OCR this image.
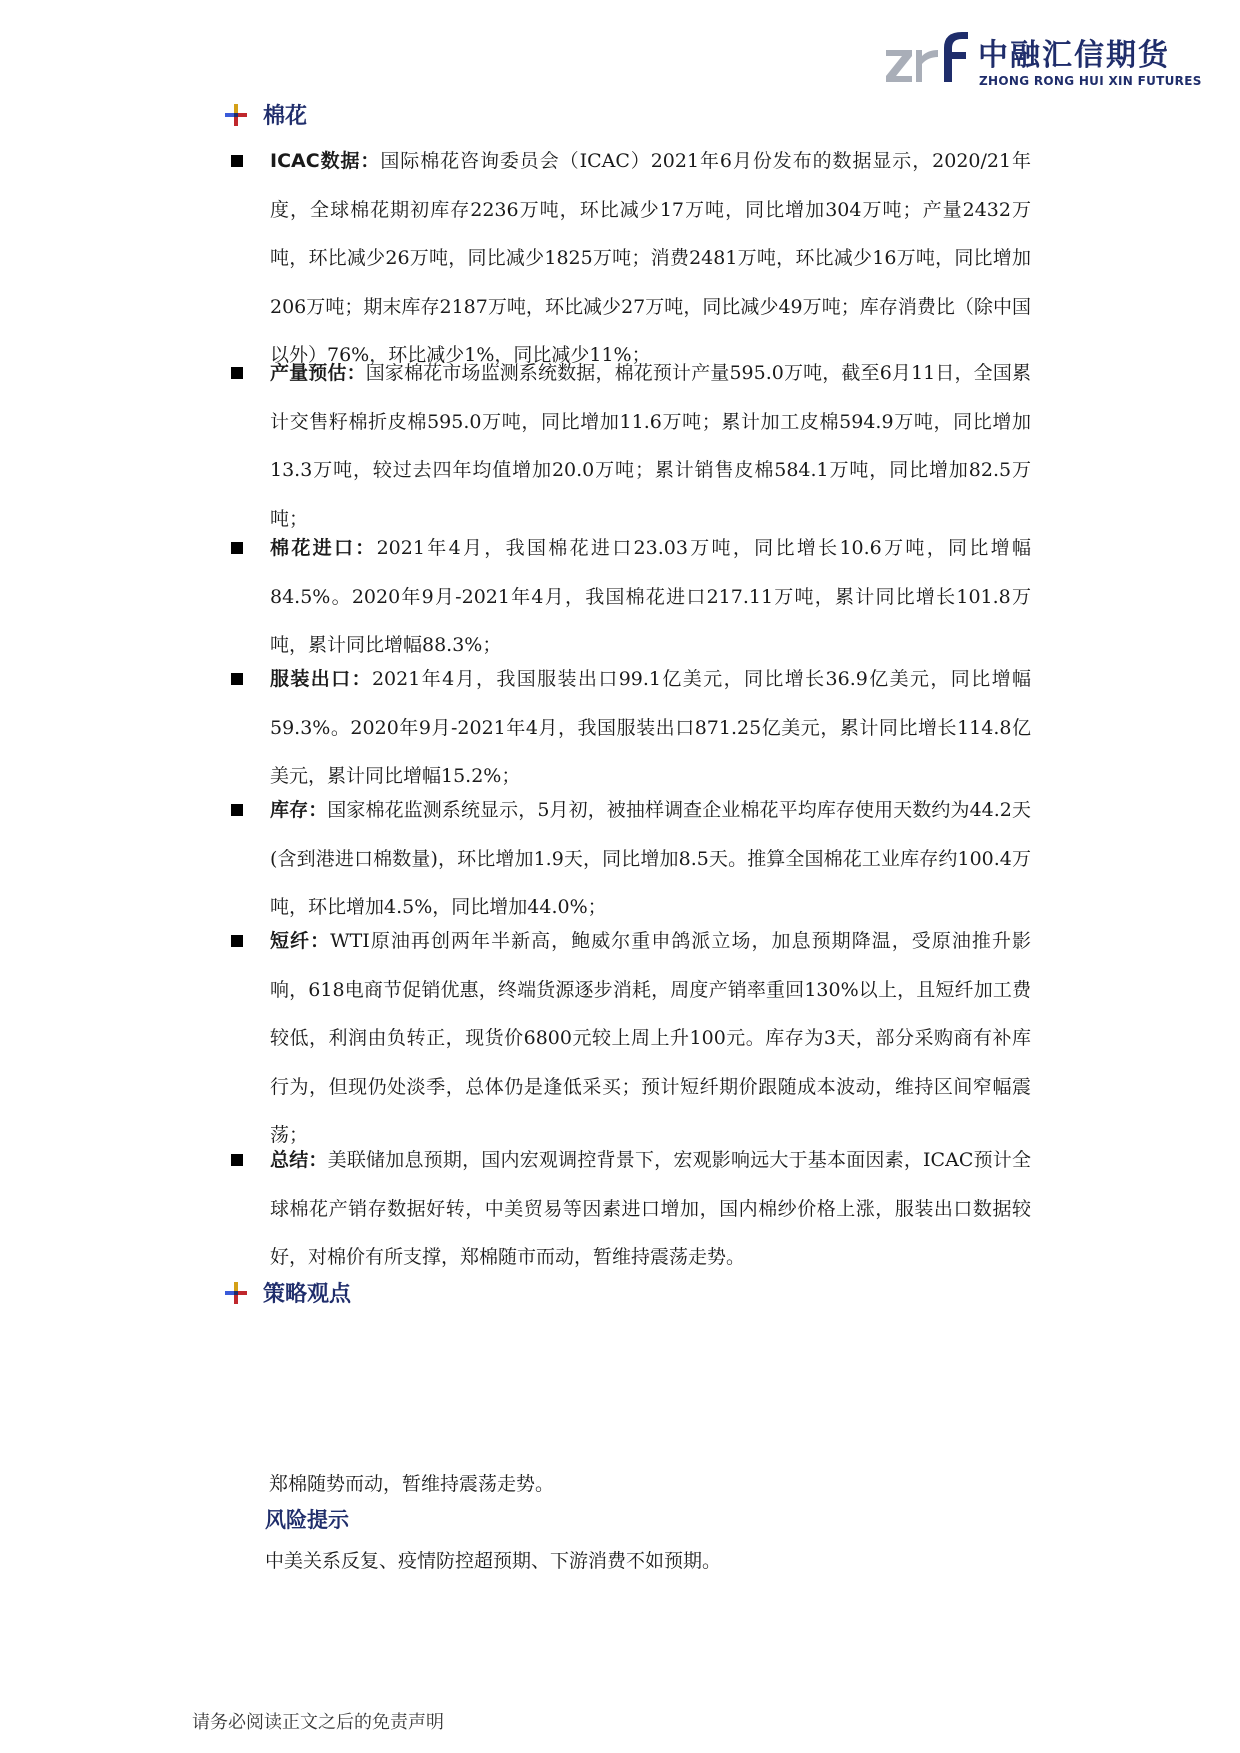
中融汇信期货
ZHONG RONG HUI XIN FUTURES
棉花
ICAC数据：国际棉花咨询委员会（ICAC）2021年6月份发布的数据显示，2020/21年度，全球棉花期初库存2236万吨，环比减少17万吨，同比增加304万吨；产量2432万吨，环比减少26万吨，同比减少1825万吨；消费2481万吨，环比减少16万吨，同比增加206万吨；期末库存2187万吨，环比减少27万吨，同比减少49万吨；库存消费比（除中国以外）76%，环比减少1%，同比减少11%；
产量预估：国家棉花市场监测系统数据，棉花预计产量595.0万吨，截至6月11日，全国累计交售籽棉折皮棉595.0万吨，同比增加11.6万吨；累计加工皮棉594.9万吨，同比增加13.3万吨，较过去四年均值增加20.0万吨；累计销售皮棉584.1万吨，同比增加82.5万吨；
棉花进口：2021年4月，我国棉花进口23.03万吨，同比增长10.6万吨，同比增幅84.5%。2020年9月-2021年4月，我国棉花进口217.11万吨，累计同比增长101.8万吨，累计同比增幅88.3%；
服装出口：2021年4月，我国服装出口99.1亿美元，同比增长36.9亿美元，同比增幅59.3%。2020年9月-2021年4月，我国服装出口871.25亿美元，累计同比增长114.8亿美元，累计同比增幅15.2%；
库存：国家棉花监测系统显示，5月初，被抽样调查企业棉花平均库存使用天数约为44.2天(含到港进口棉数量)，环比增加1.9天，同比增加8.5天。推算全国棉花工业库存约100.4万吨，环比增加4.5%，同比增加44.0%；
短纤：WTI原油再创两年半新高，鲍威尔重申鸽派立场，加息预期降温，受原油推升影响，618电商节促销优惠，终端货源逐步消耗，周度产销率重回130%以上，且短纤加工费较低，利润由负转正，现货价6800元较上周上升100元。库存为3天，部分采购商有补库行为，但现仍处淡季，总体仍是逢低采买；预计短纤期价跟随成本波动，维持区间窄幅震荡；
总结：美联储加息预期，国内宏观调控背景下，宏观影响远大于基本面因素，ICAC预计全球棉花产销存数据好转，中美贸易等因素进口增加，国内棉纱价格上涨，服装出口数据较好，对棉价有所支撑，郑棉随市而动，暂维持震荡走势。
策略观点
郑棉随势而动，暂维持震荡走势。
风险提示
中美关系反复、疫情防控超预期、下游消费不如预期。
请务必阅读正文之后的免责声明
